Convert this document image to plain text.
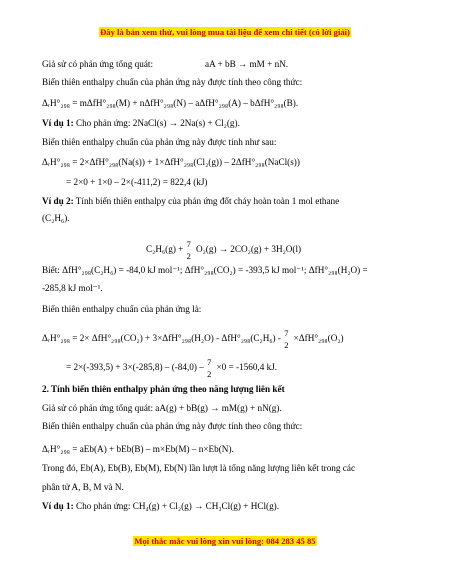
Đây là bản xem thử, vui lòng mua tài liệu để xem chi tiết (có lời giải)
Giả sử có phản ứng tổng quát:	aA + bB → mM + nN.
Biến thiên enthalpy chuẩn của phản ứng này được tính theo công thức:
ΔᵣH°₂₉₈ = mΔfH°₂₉₈(M) + nΔfH°₂₉₈(N) – aΔfH°₂₉₈(A) – bΔfH°₂₉₈(B).
Ví dụ 1: Cho phản ứng: 2NaCl(s) → 2Na(s) + Cl₂(g).
Biến thiên enthalpy chuẩn của phản ứng này được tính như sau:
ΔᵣH°₂₉₈ = 2×ΔfH°₂₉₈(Na(s)) + 1×ΔfH°₂₉₈(Cl₂(g)) – 2ΔfH°₂₉₈(NaCl(s))
= 2×0 + 1×0 – 2×(-411,2) = 822,4 (kJ)
Ví dụ 2: Tính biến thiên enthalpy của phản ứng đốt cháy hoàn toàn 1 mol ethane
(C₂H₆).
C₂H₆(g) + 7
2
O₂(g) → 2CO₂(g) + 3H₂O(l)
Biết: ΔfH°₂₉₈(C₂H₆) = -84,0 kJ mol⁻¹; ΔfH°₂₉₈(CO₂) = -393,5 kJ mol⁻¹; ΔfH°₂₉₈(H₂O) =
-285,8 kJ mol⁻¹.
Biến thiên enthalpy chuẩn của phản ứng là:
ΔᵣH°₂₉₈ = 2× ΔfH°₂₉₈(CO₂) + 3×ΔfH°₂₉₈(H₂O) - ΔfH°₂₉₈(C₂H₆) - 7
2
×ΔfH°₂₉₈(O₂)
= 2×(-393,5) + 3×(-285,8) – (-84,0) – 7
2
×0 = -1560,4 kJ.
2. Tính biến thiên enthalpy phản ứng theo năng lượng liên kết
Giả sử có phản ứng tổng quát: aA(g) + bB(g) → mM(g) + nN(g).
Biến thiên enthalpy chuẩn của phản ứng này được tính theo công thức:
ΔᵣH°₂₉₈ = aEb(A) + bEb(B) – m×Eb(M) – n×Eb(N).
Trong đó, Eb(A), Eb(B), Eb(M), Eb(N) lần lượt là tổng năng lượng liên kết trong các
phân tử A, B, M và N.
Ví dụ 1: Cho phản ứng: CH₄(g) + Cl₂(g) → CH₃Cl(g) + HCl(g).
Mọi thắc mắc vui lòng xin vui lòng: 084 283 45 85
